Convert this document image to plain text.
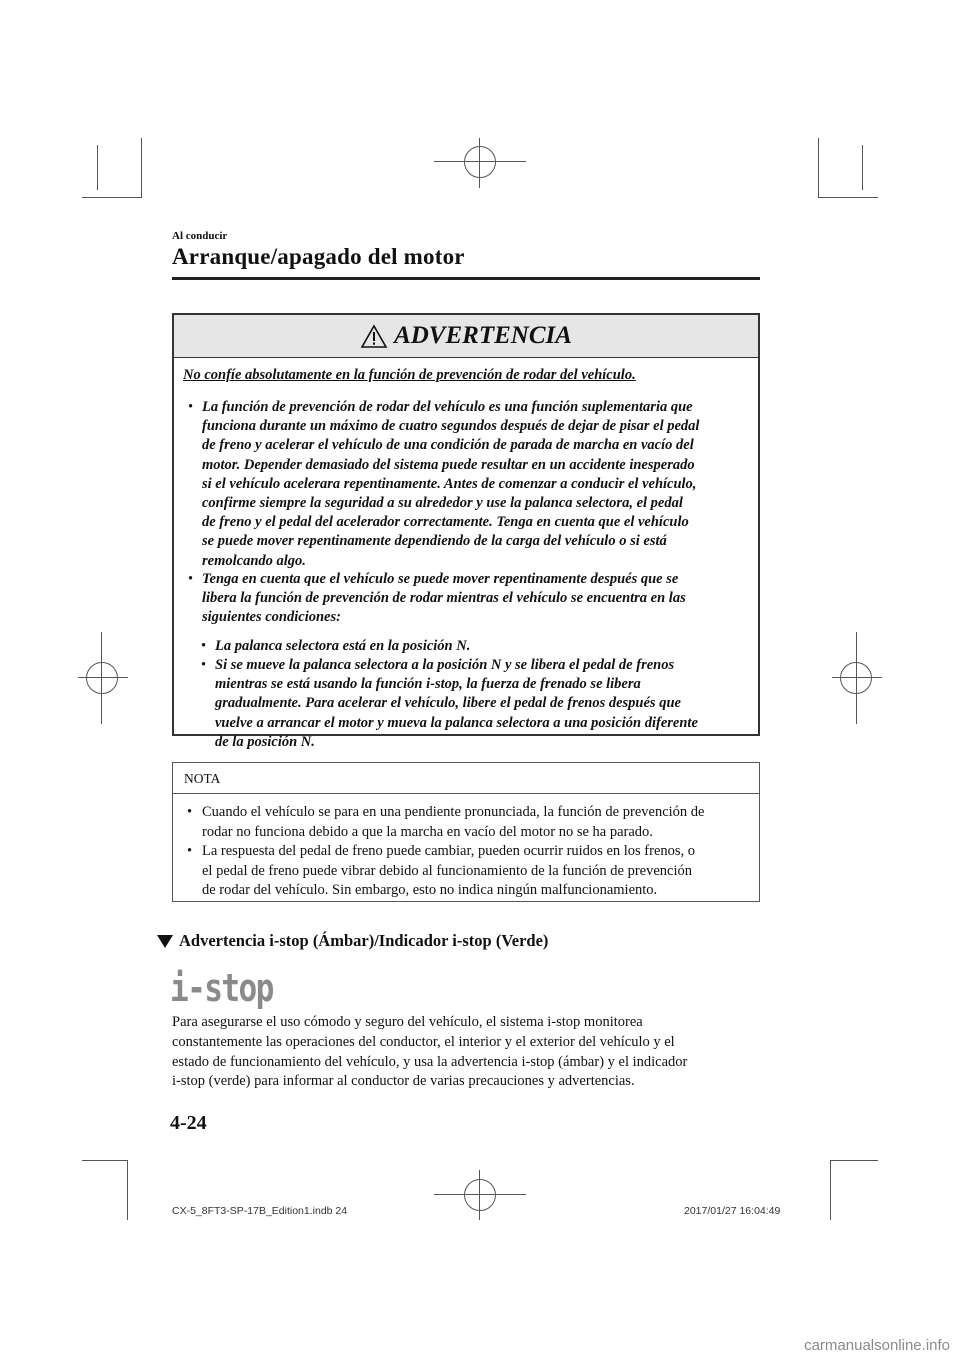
Al conducir
Arranque/apagado del motor
ADVERTENCIA
No confíe absolutamente en la función de prevención de rodar del vehículo.
• La función de prevención de rodar del vehículo es una función suplementaria que
funciona durante un máximo de cuatro segundos después de dejar de pisar el pedal
de freno y acelerar el vehículo de una condición de parada de marcha en vacío del
motor. Depender demasiado del sistema puede resultar en un accidente inesperado
si el vehículo acelerara repentinamente. Antes de comenzar a conducir el vehículo,
confirme siempre la seguridad a su alrededor y use la palanca selectora, el pedal
de freno y el pedal del acelerador correctamente. Tenga en cuenta que el vehículo
se puede mover repentinamente dependiendo de la carga del vehículo o si está
remolcando algo.
• Tenga en cuenta que el vehículo se puede mover repentinamente después que se
libera la función de prevención de rodar mientras el vehículo se encuentra en las
siguientes condiciones:
• La palanca selectora está en la posición N.
• Si se mueve la palanca selectora a la posición N y se libera el pedal de frenos
mientras se está usando la función i-stop, la fuerza de frenado se libera
gradualmente. Para acelerar el vehículo, libere el pedal de frenos después que
vuelve a arrancar el motor y mueva la palanca selectora a una posición diferente
de la posición N.
NOTA
• Cuando el vehículo se para en una pendiente pronunciada, la función de prevención de
rodar no funciona debido a que la marcha en vacío del motor no se ha parado.
• La respuesta del pedal de freno puede cambiar, pueden ocurrir ruidos en los frenos, o
el pedal de freno puede vibrar debido al funcionamiento de la función de prevención
de rodar del vehículo. Sin embargo, esto no indica ningún malfuncionamiento.
Advertencia i-stop (Ámbar)/Indicador i-stop (Verde)
i-stop
Para asegurarse el uso cómodo y seguro del vehículo, el sistema i-stop monitorea
constantemente las operaciones del conductor, el interior y el exterior del vehículo y el
estado de funcionamiento del vehículo, y usa la advertencia i-stop (ámbar) y el indicador
i-stop (verde) para informar al conductor de varias precauciones y advertencias.
4-24
CX-5_8FT3-SP-17B_Edition1.indb 24	2017/01/27 16:04:49
carmanualsonline.info
